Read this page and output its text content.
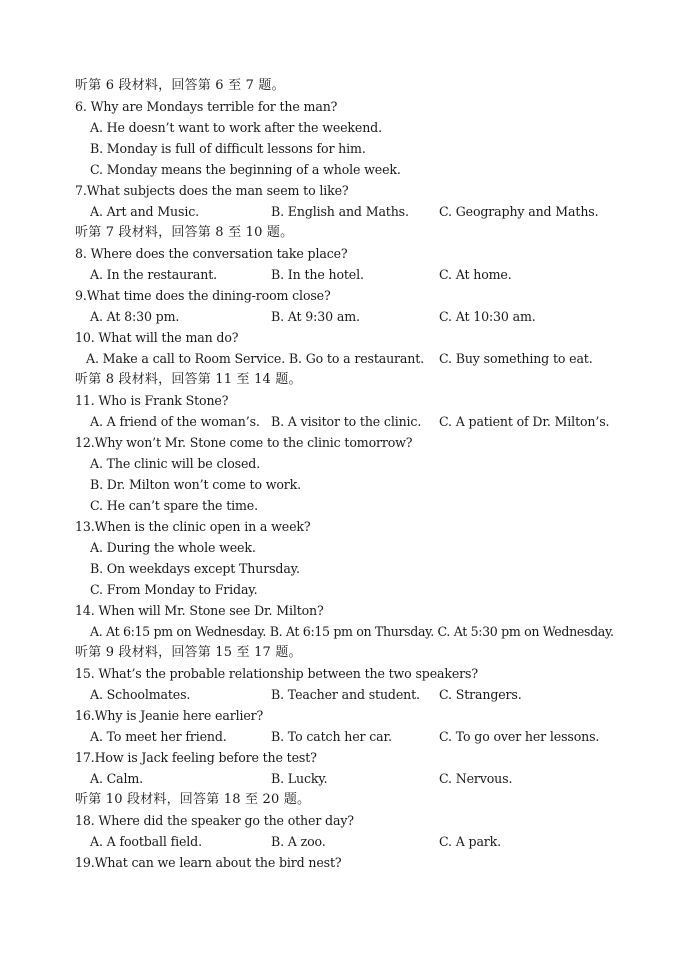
听第 6 段材料，回答第 6 至 7 题。
6. Why are Mondays terrible for the man?
A. He doesn’t want to work after the weekend.
B. Monday is full of difficult lessons for him.
C. Monday means the beginning of a whole week.
7.What subjects does the man seem to like?
A. Art and Music.	B. English and Maths. C. Geography and Maths.
听第 7 段材料，回答第 8 至 10 题。
8. Where does the conversation take place?
A. In the restaurant.	B. In the hotel.	C. At home.
9.What time does the dining-room close?
A. At 8:30 pm.	B. At 9:30 am.	C. At 10:30 am.
10. What will the man do?
A. Make a call to Room Service. B. Go to a restaurant. C. Buy something to eat.
听第 8 段材料，回答第 11 至 14 题。
11. Who is Frank Stone?
A. A friend of the woman’s. B. A visitor to the clinic. C. A patient of Dr. Milton’s.
12.Why won’t Mr. Stone come to the clinic tomorrow?
A. The clinic will be closed.
B. Dr. Milton won’t come to work.
C. He can’t spare the time.
13.When is the clinic open in a week?
A. During the whole week.
B. On weekdays except Thursday.
C. From Monday to Friday.
14. When will Mr. Stone see Dr. Milton?
A. At 6:15 pm on Wednesday. B. At 6:15 pm on Thursday. C. At 5:30 pm on Wednesday.
听第 9 段材料，回答第 15 至 17 题。
15. What’s the probable relationship between the two speakers?
A. Schoolmates.	B. Teacher and student. C. Strangers.
16.Why is Jeanie here earlier?
A. To meet her friend.	B. To catch her car.	C. To go over her lessons.
17.How is Jack feeling before the test?
A. Calm.	B. Lucky.	C. Nervous.
听第 10 段材料，回答第 18 至 20 题。
18. Where did the speaker go the other day?
A. A football field.	B. A zoo.	C. A park.
19.What can we learn about the bird nest?
